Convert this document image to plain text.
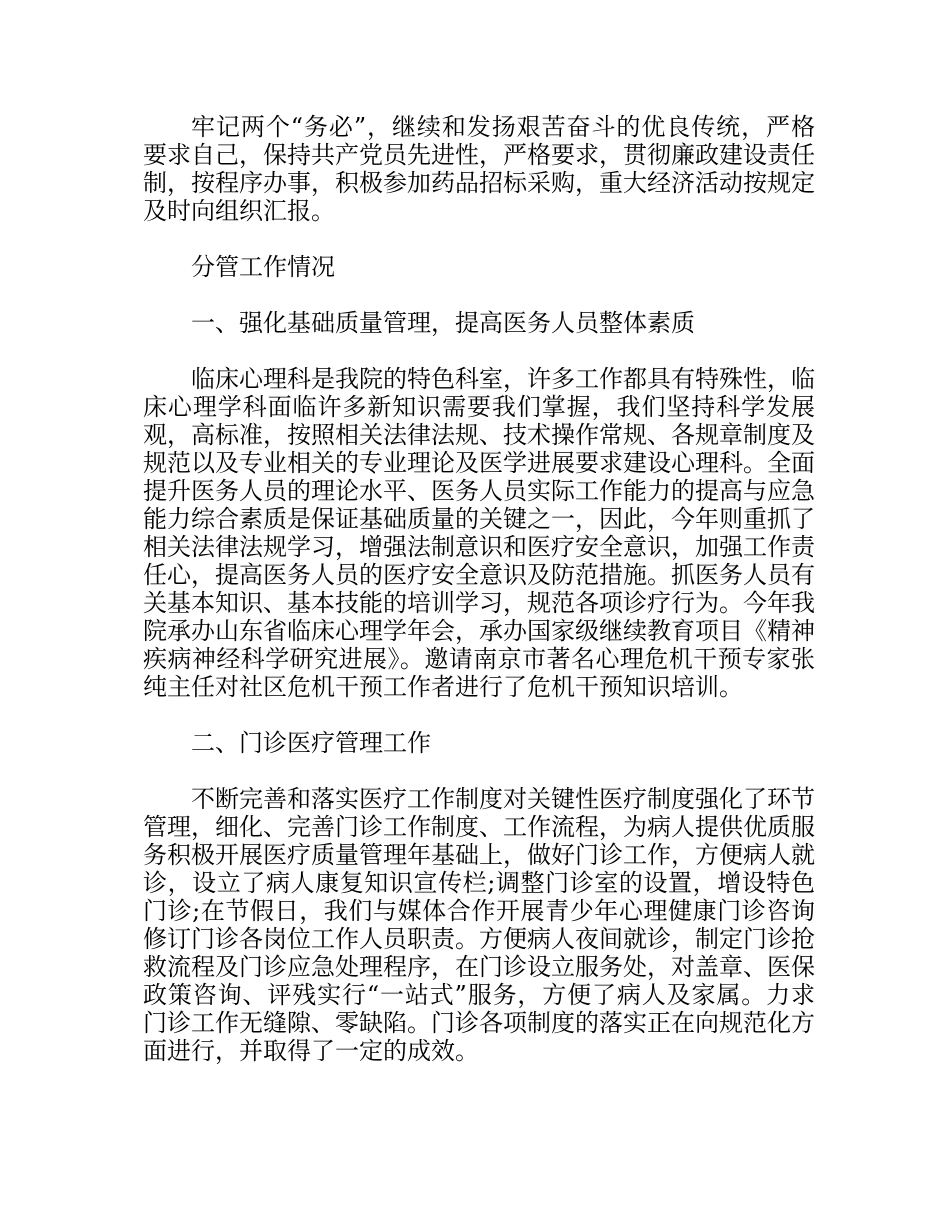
牢记两个“务必”，继续和发扬艰苦奋斗的优良传统，严格要求自己，保持共产党员先进性，严格要求，贯彻廉政建设责任制，按程序办事，积极参加药品招标采购，重大经济活动按规定及时向组织汇报。

分管工作情况

一、强化基础质量管理，提高医务人员整体素质

临床心理科是我院的特色科室，许多工作都具有特殊性，临床心理学科面临许多新知识需要我们掌握，我们坚持科学发展观，高标准，按照相关法律法规、技术操作常规、各规章制度及规范以及专业相关的专业理论及医学进展要求建设心理科。全面提升医务人员的理论水平、医务人员实际工作能力的提高与应急能力综合素质是保证基础质量的关键之一，因此，今年则重抓了相关法律法规学习，增强法制意识和医疗安全意识，加强工作责任心，提高医务人员的医疗安全意识及防范措施。抓医务人员有关基本知识、基本技能的培训学习，规范各项诊疗行为。今年我院承办山东省临床心理学年会，承办国家级继续教育项目《精神疾病神经科学研究进展》。邀请南京市著名心理危机干预专家张纯主任对社区危机干预工作者进行了危机干预知识培训。

二、门诊医疗管理工作

不断完善和落实医疗工作制度对关键性医疗制度强化了环节管理，细化、完善门诊工作制度、工作流程，为病人提供优质服务积极开展医疗质量管理年基础上，做好门诊工作，方便病人就诊，设立了病人康复知识宣传栏;调整门诊室的设置，增设特色门诊;在节假日，我们与媒体合作开展青少年心理健康门诊咨询修订门诊各岗位工作人员职责。方便病人夜间就诊，制定门诊抢救流程及门诊应急处理程序，在门诊设立服务处，对盖章、医保政策咨询、评残实行“一站式”服务，方便了病人及家属。力求门诊工作无缝隙、零缺陷。门诊各项制度的落实正在向规范化方面进行，并取得了一定的成效。
